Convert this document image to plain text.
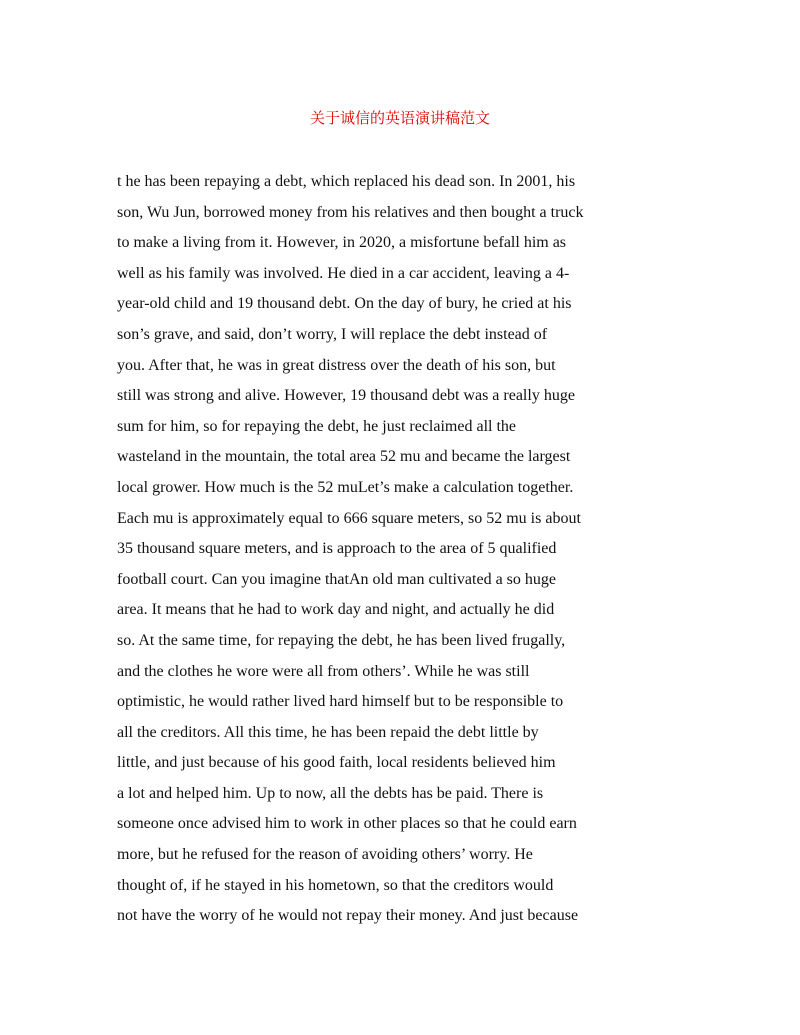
关于诚信的英语演讲稿范文
t he has been repaying a debt, which replaced his dead son. In 2001, his
son, Wu Jun, borrowed money from his relatives and then bought a truck
to make a living from it. However, in 2020, a misfortune befall him as
well as his family was involved. He died in a car accident, leaving a 4-
year-old child and 19 thousand debt. On the day of bury, he cried at his
son’s grave, and said, don’t worry, I will replace the debt instead of
you. After that, he was in great distress over the death of his son, but
still was strong and alive. However, 19 thousand debt was a really huge
sum for him, so for repaying the debt, he just reclaimed all the
wasteland in the mountain, the total area 52 mu and became the largest
local grower. How much is the 52 muLet’s make a calculation together.
Each mu is approximately equal to 666 square meters, so 52 mu is about
35 thousand square meters, and is approach to the area of 5 qualified
football court. Can you imagine thatAn old man cultivated a so huge
area. It means that he had to work day and night, and actually he did
so. At the same time, for repaying the debt, he has been lived frugally,
and the clothes he wore were all from others’. While he was still
optimistic, he would rather lived hard himself but to be responsible to
all the creditors. All this time, he has been repaid the debt little by
little, and just because of his good faith, local residents believed him
a lot and helped him. Up to now, all the debts has be paid. There is
someone once advised him to work in other places so that he could earn
more, but he refused for the reason of avoiding others’ worry. He
thought of, if he stayed in his hometown, so that the creditors would
not have the worry of he would not repay their money. And just because
